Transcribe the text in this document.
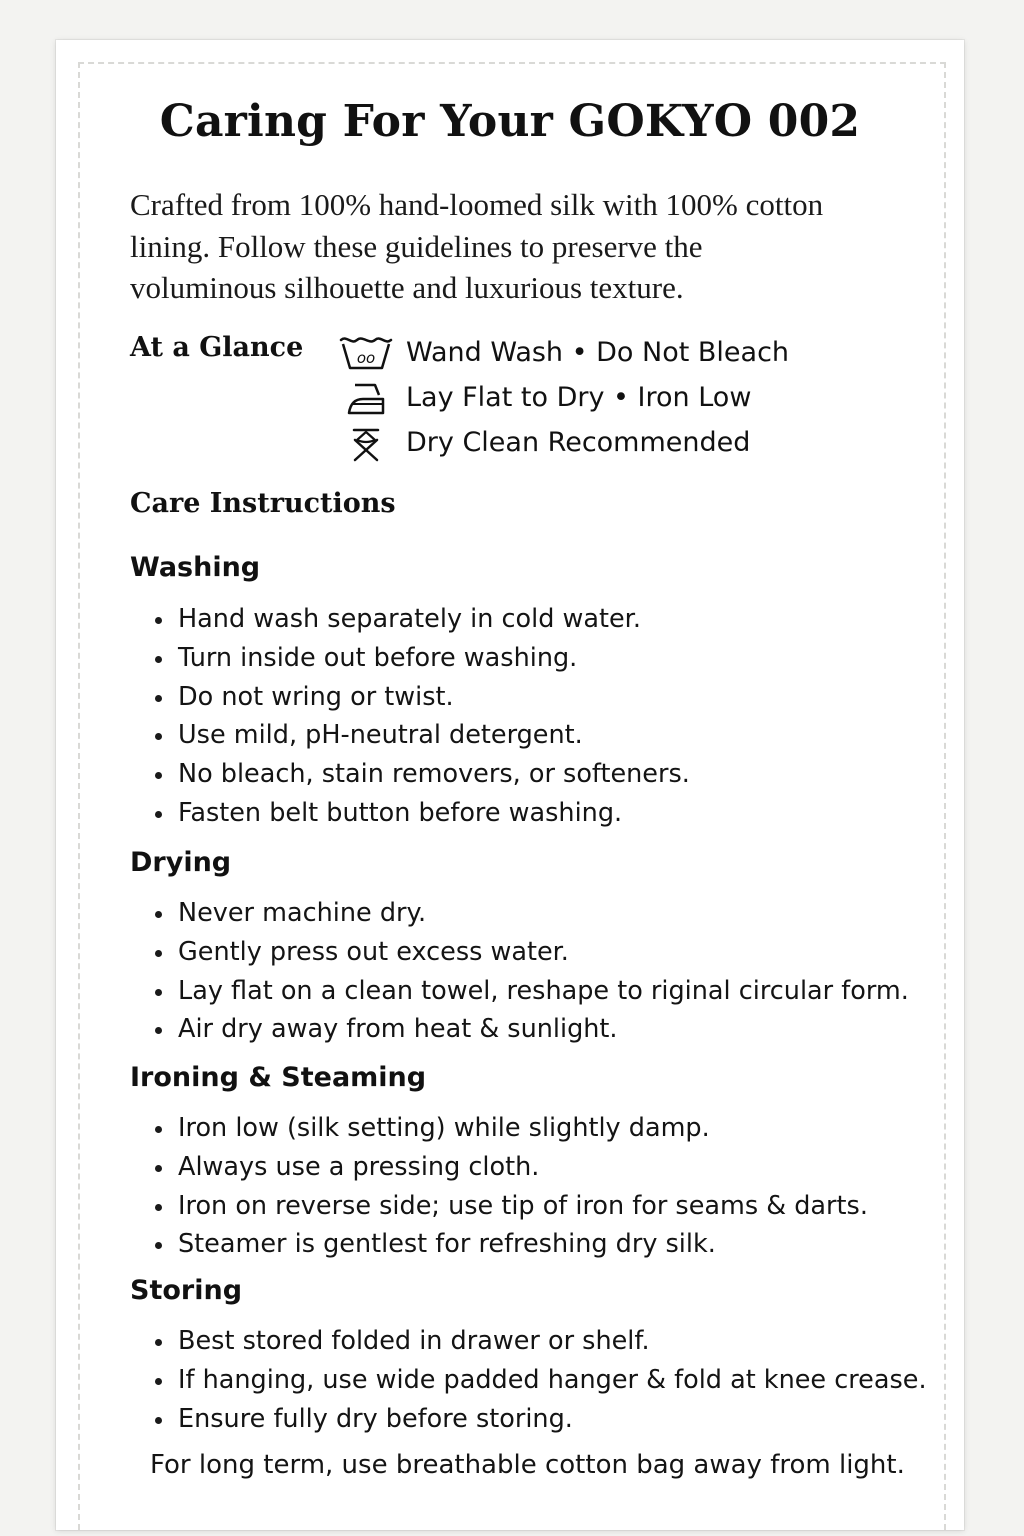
Caring For Your GOKYO 002

Crafted from 100% hand-loomed silk with 100% cotton
lining. Follow these guidelines to preserve the
voluminous silhouette and luxurious texture.

At a Glance	oo Wand Wash • Do Not Bleach
Lay Flat to Dry • Iron Low
Dry Clean Recommended
Care Instructions
Washing
Hand wash separately in cold water.
Turn inside out before washing.
Do not wring or twist.
Use mild, pH-neutral detergent.
No bleach, stain removers, or softeners.
Fasten belt button before washing.
Drying
Never machine dry.
Gently press out excess water.
Lay flat on a clean towel, reshape to riginal circular form.
Air dry away from heat & sunlight.
Ironing & Steaming
Iron low (silk setting) while slightly damp.
Always use a pressing cloth.
Iron on reverse side; use tip of iron for seams & darts.
Steamer is gentlest for refreshing dry silk.
Storing
Best stored folded in drawer or shelf.
If hanging, use wide padded hanger & fold at knee crease.
Ensure fully dry before storing.
For long term, use breathable cotton bag away from light.
